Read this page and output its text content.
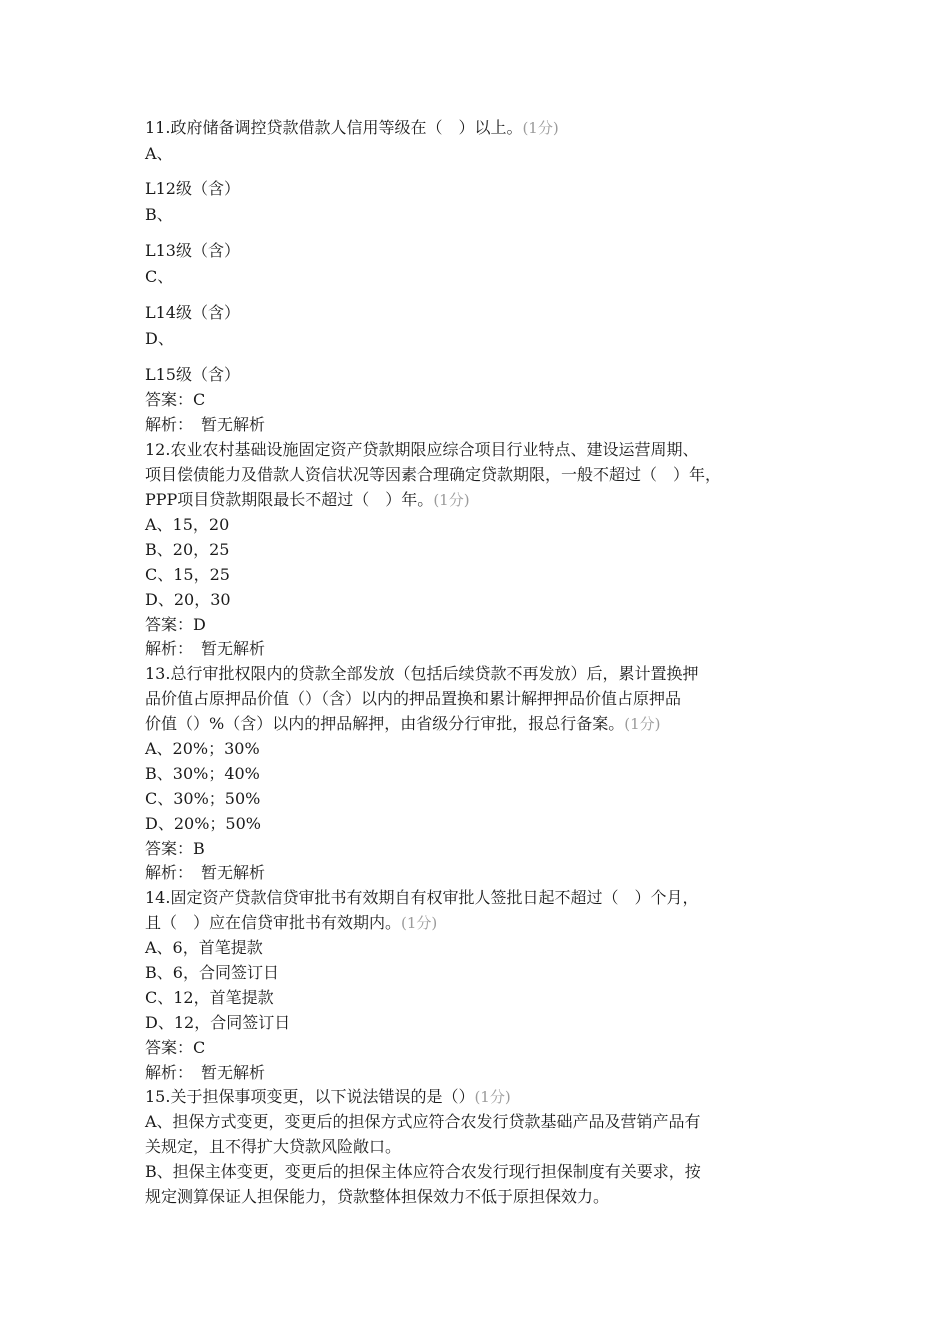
11.政府储备调控贷款借款人信用等级在（　）以上。(1分)
A、
L12级（含）
B、
L13级（含）
C、
L14级（含）
D、
L15级（含）
答案：C
解析：　暂无解析
12.农业农村基础设施固定资产贷款期限应综合项目行业特点、建设运营周期、
项目偿债能力及借款人资信状况等因素合理确定贷款期限，一般不超过（　）年，
PPP项目贷款期限最长不超过（　）年。(1分)
A、15，20
B、20，25
C、15，25
D、20，30
答案：D
解析：　暂无解析
13.总行审批权限内的贷款全部发放（包括后续贷款不再发放）后，累计置换押
品价值占原押品价值（）（含）以内的押品置换和累计解押押品价值占原押品
价值（）%（含）以内的押品解押，由省级分行审批，报总行备案。(1分)
A、20%；30%
B、30%；40%
C、30%；50%
D、20%；50%
答案：B
解析：　暂无解析
14.固定资产贷款信贷审批书有效期自有权审批人签批日起不超过（　）个月，
且（　）应在信贷审批书有效期内。(1分)
A、6，首笔提款
B、6，合同签订日
C、12，首笔提款
D、12，合同签订日
答案：C
解析：　暂无解析
15.关于担保事项变更，以下说法错误的是（）(1分)
A、担保方式变更，变更后的担保方式应符合农发行贷款基础产品及营销产品有
关规定，且不得扩大贷款风险敞口。
B、担保主体变更，变更后的担保主体应符合农发行现行担保制度有关要求，按
规定测算保证人担保能力，贷款整体担保效力不低于原担保效力。
